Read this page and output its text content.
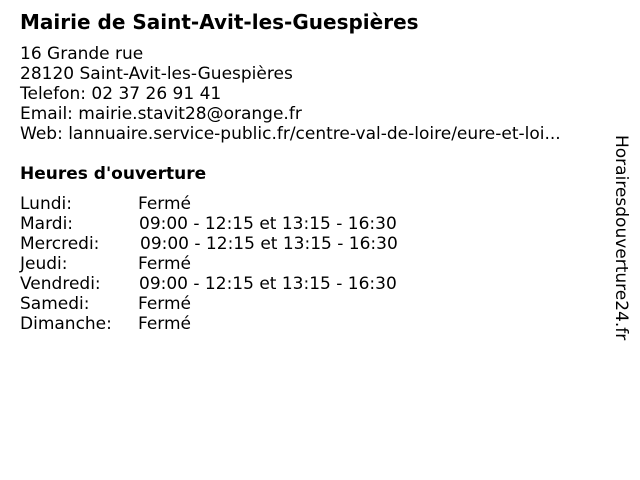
Mairie de Saint-Avit-les-Guespières
16 Grande rue
28120 Saint-Avit-les-Guespières
Telefon: 02 37 26 91 41
Email: mairie.stavit28@orange.fr
Web: lannuaire.service-public.fr/centre-val-de-loire/eure-et-loi...
Heures d'ouverture
Lundi:	Fermé
Mardi:	09:00 - 12:15 et 13:15 - 16:30
Mercredi: 09:00 - 12:15 et 13:15 - 16:30
Jeudi:	Fermé
Vendredi: 09:00 - 12:15 et 13:15 - 16:30
Samedi:	Fermé
Dimanche: Fermé	Horairesdouverture24.fr
